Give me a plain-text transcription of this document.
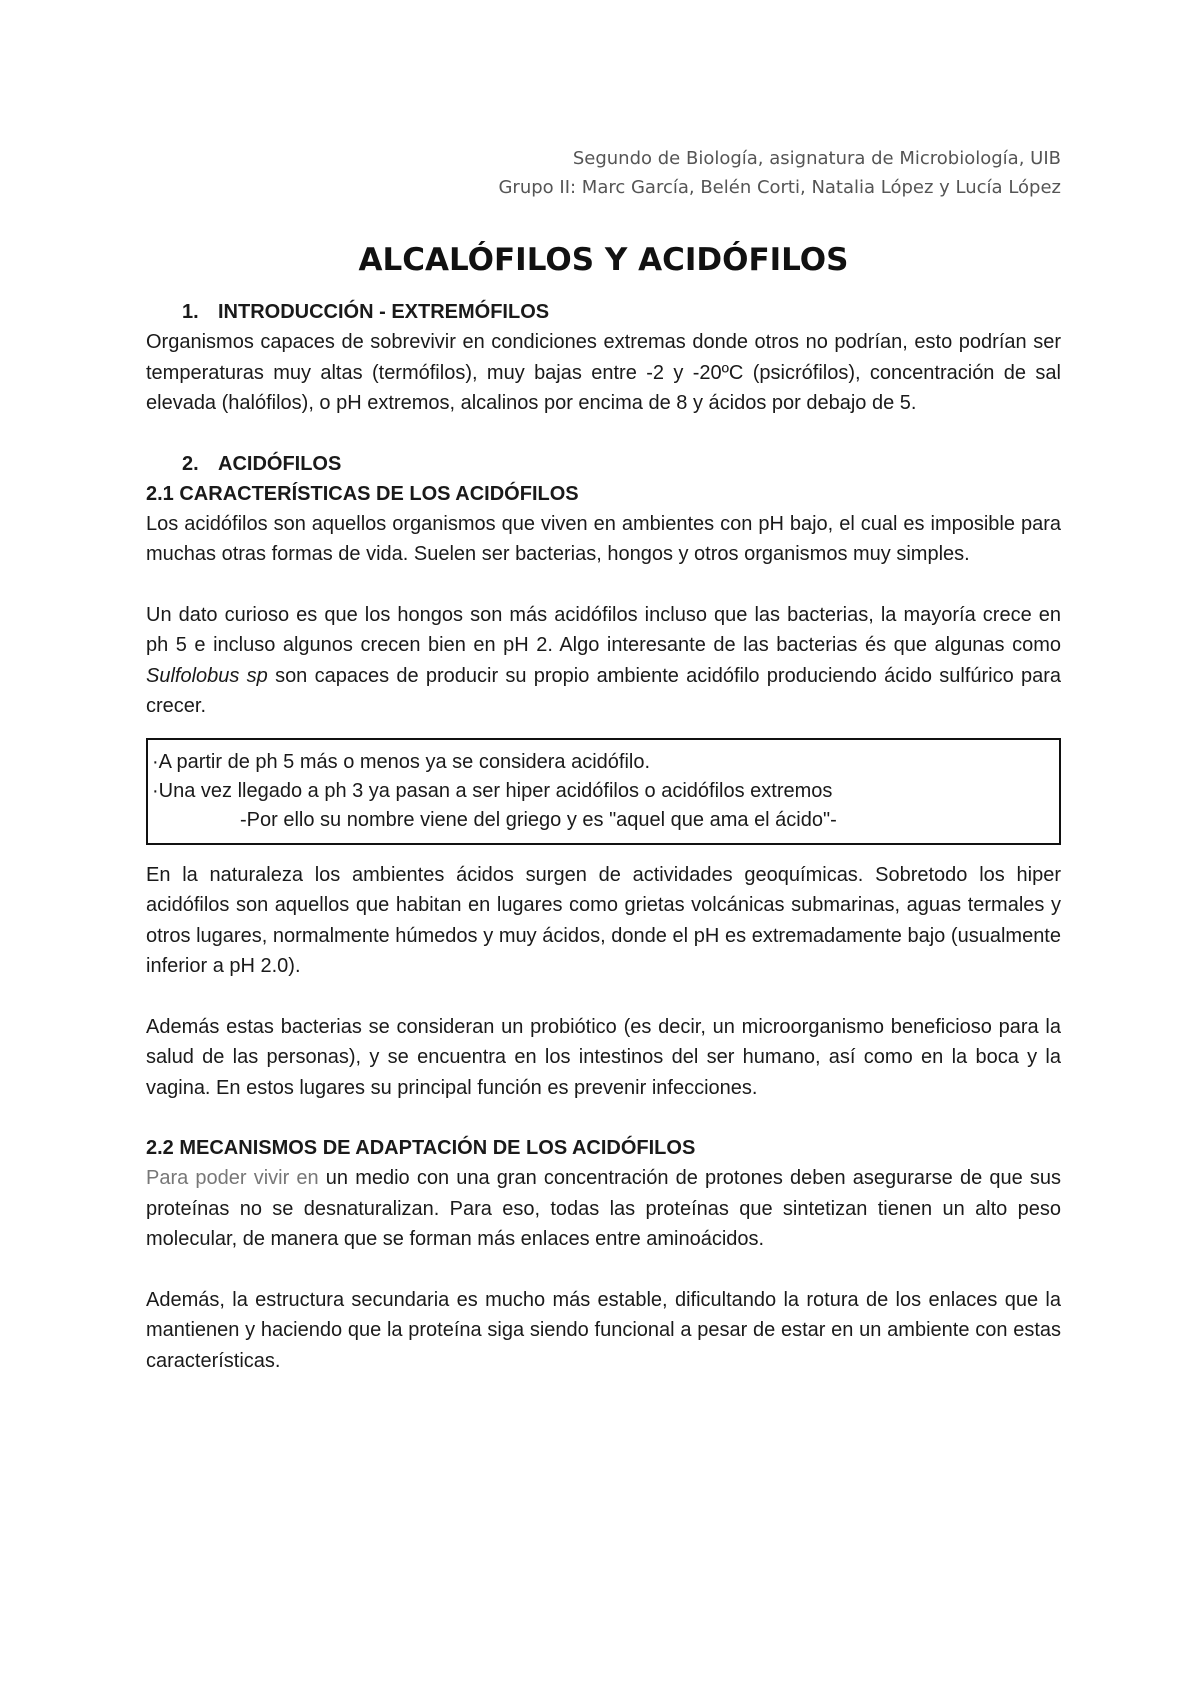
Segundo de Biología, asignatura de Microbiología, UIB
Grupo II: Marc García, Belén Corti, Natalia López y Lucía López
ALCALÓFILOS Y ACIDÓFILOS
1. INTRODUCCIÓN - EXTREMÓFILOS

Organismos capaces de sobrevivir en condiciones extremas donde otros no podrían, esto podrían ser temperaturas muy altas (termófilos), muy bajas entre -2 y -20ºC (psicrófilos), concentración de sal elevada (halófilos), o pH extremos, alcalinos por encima de 8 y ácidos por debajo de 5.

2. ACIDÓFILOS
2.1 CARACTERÍSTICAS DE LOS ACIDÓFILOS

Los acidófilos son aquellos organismos que viven en ambientes con pH bajo, el cual es imposible para muchas otras formas de vida. Suelen ser bacterias, hongos y otros organismos muy simples.

Un dato curioso es que los hongos son más acidófilos incluso que las bacterias, la mayoría crece en ph 5 e incluso algunos crecen bien en pH 2. Algo interesante de las bacterias és que algunas como Sulfolobus sp son capaces de producir su propio ambiente acidófilo produciendo ácido sulfúrico para crecer.

·A partir de ph 5 más o menos ya se considera acidófilo.
·Una vez llegado a ph 3 ya pasan a ser hiper acidófilos o acidófilos extremos
-Por ello su nombre viene del griego y es "aquel que ama el ácido"-

En la naturaleza los ambientes ácidos surgen de actividades geoquímicas. Sobretodo los hiper acidófilos son aquellos que habitan en lugares como grietas volcánicas submarinas, aguas termales y otros lugares, normalmente húmedos y muy ácidos, donde el pH es extremadamente bajo (usualmente inferior a pH 2.0).

Además estas bacterias se consideran un probiótico (es decir, un microorganismo beneficioso para la salud de las personas), y se encuentra en los intestinos del ser humano, así como en la boca y la vagina. En estos lugares su principal función es prevenir infecciones.

2.2 MECANISMOS DE ADAPTACIÓN DE LOS ACIDÓFILOS

Para poder vivir en un medio con una gran concentración de protones deben asegurarse de que sus proteínas no se desnaturalizan. Para eso, todas las proteínas que sintetizan tienen un alto peso molecular, de manera que se forman más enlaces entre aminoácidos.

Además, la estructura secundaria es mucho más estable, dificultando la rotura de los enlaces que la mantienen y haciendo que la proteína siga siendo funcional a pesar de estar en un ambiente con estas características.
